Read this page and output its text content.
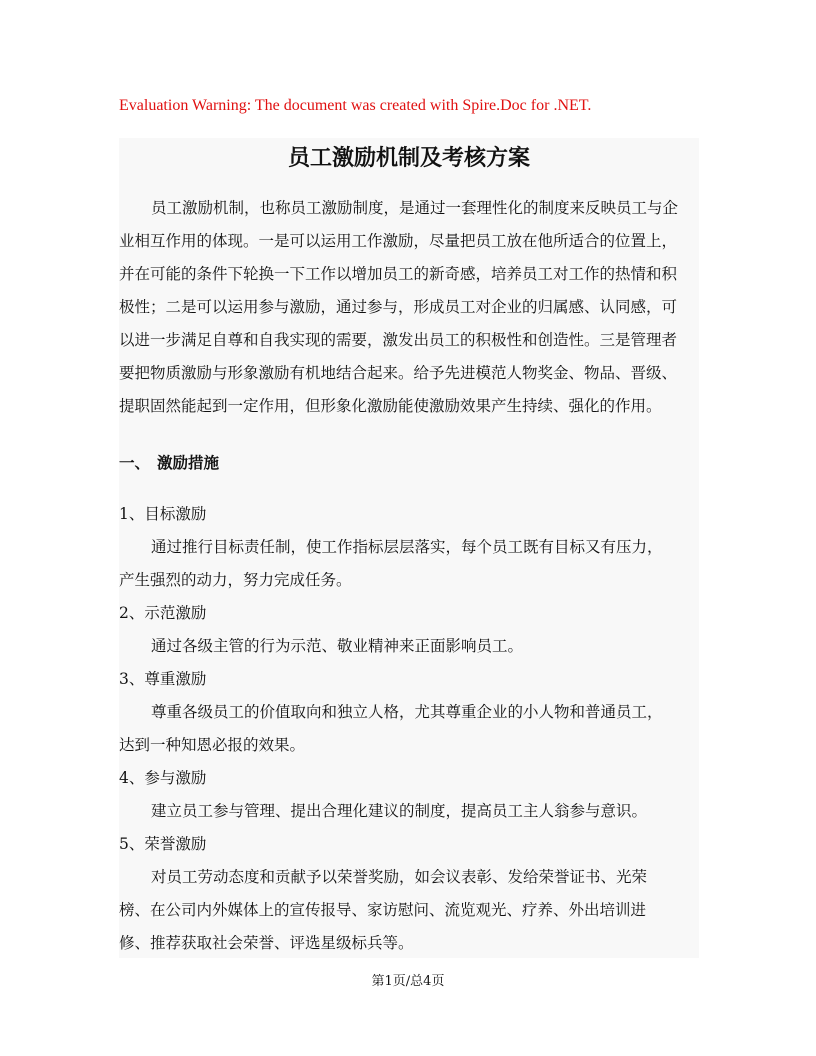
Evaluation Warning: The document was created with Spire.Doc for .NET.
员工激励机制及考核方案
员工激励机制，也称员工激励制度，是通过一套理性化的制度来反映员工与企
业相互作用的体现。一是可以运用工作激励，尽量把员工放在他所适合的位置上，
并在可能的条件下轮换一下工作以增加员工的新奇感，培养员工对工作的热情和积
极性；二是可以运用参与激励，通过参与，形成员工对企业的归属感、认同感，可
以进一步满足自尊和自我实现的需要，激发出员工的积极性和创造性。三是管理者
要把物质激励与形象激励有机地结合起来。给予先进模范人物奖金、物品、晋级、
提职固然能起到一定作用，但形象化激励能使激励效果产生持续、强化的作用。
一、 激励措施
1、目标激励
通过推行目标责任制，使工作指标层层落实，每个员工既有目标又有压力，
产生强烈的动力，努力完成任务。
2、示范激励
通过各级主管的行为示范、敬业精神来正面影响员工。
3、尊重激励
尊重各级员工的价值取向和独立人格，尤其尊重企业的小人物和普通员工，
达到一种知恩必报的效果。
4、参与激励
建立员工参与管理、提出合理化建议的制度，提高员工主人翁参与意识。
5、荣誉激励
对员工劳动态度和贡献予以荣誉奖励，如会议表彰、发给荣誉证书、光荣
榜、在公司内外媒体上的宣传报导、家访慰问、流览观光、疗养、外出培训进
修、推荐获取社会荣誉、评选星级标兵等。
第1页/总4页
